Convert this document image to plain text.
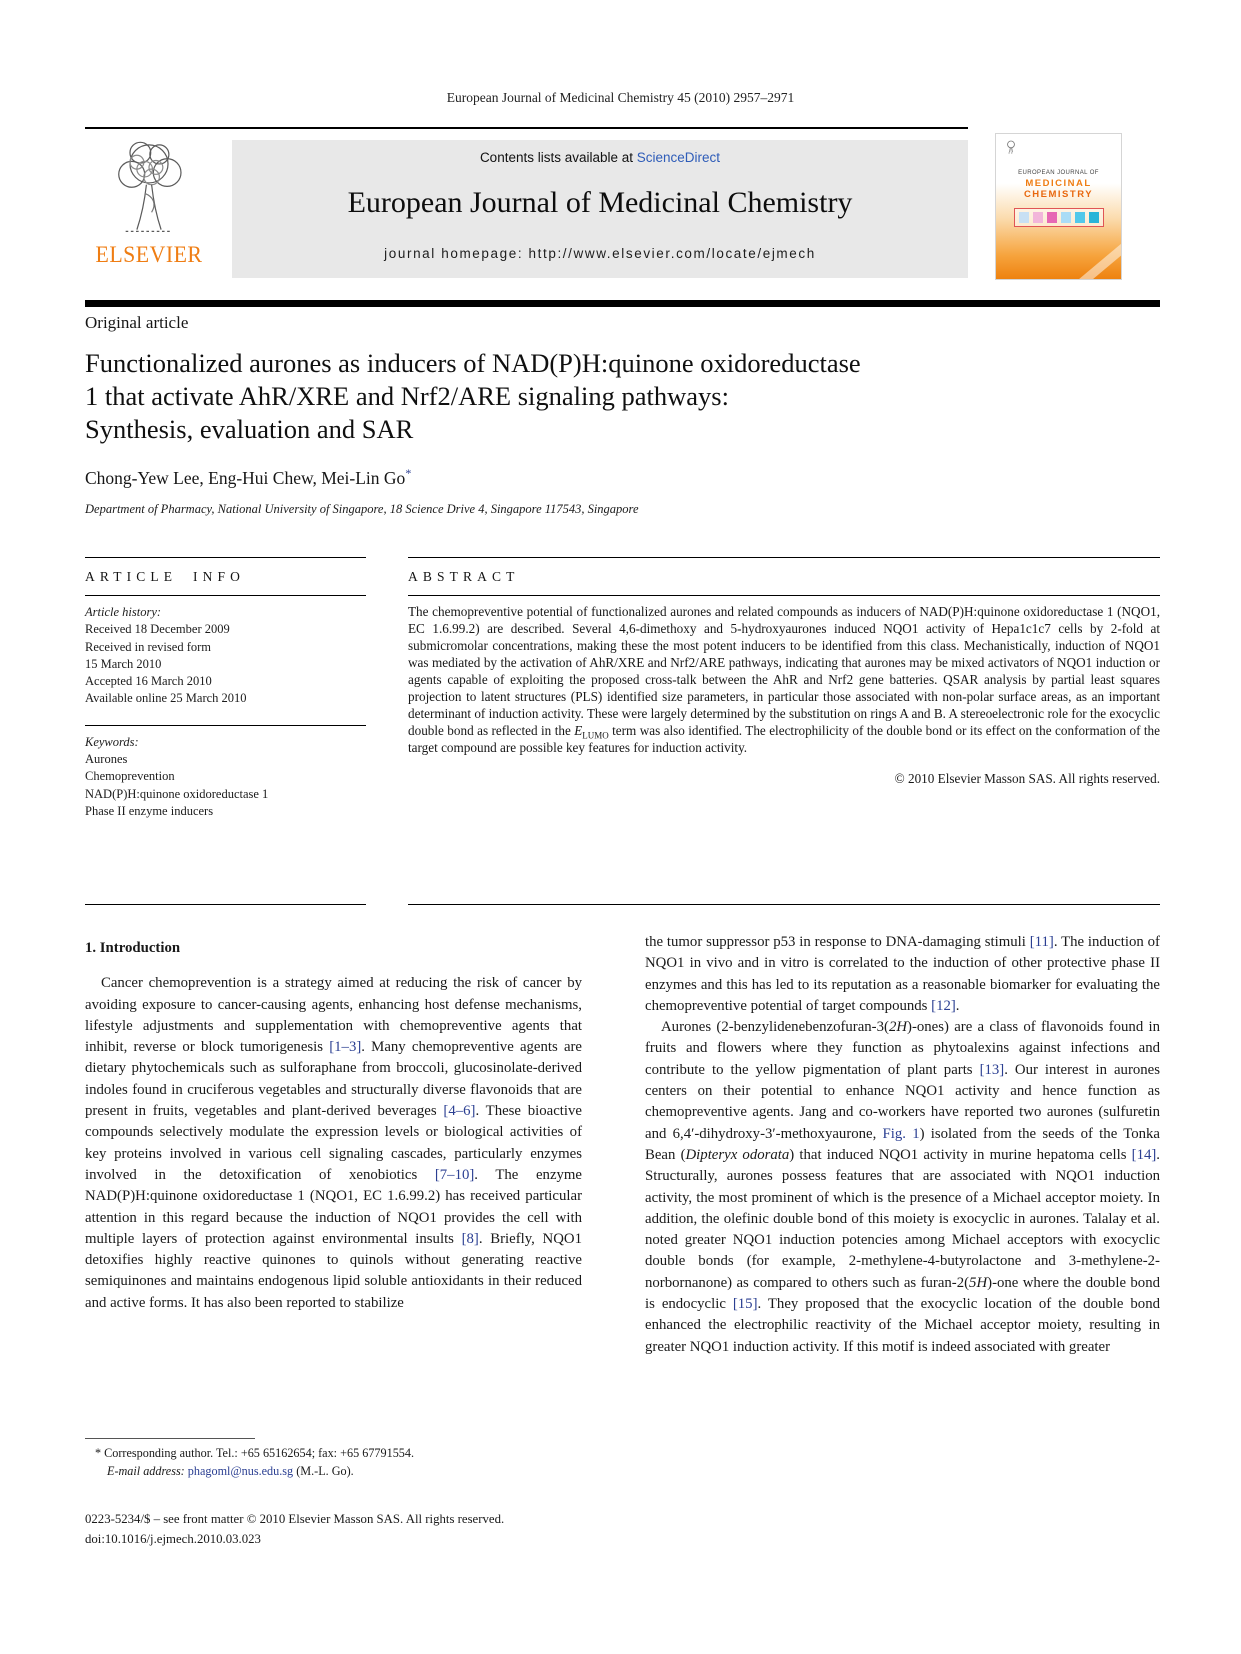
European Journal of Medicinal Chemistry 45 (2010) 2957–2971
ELSEVIER
Contents lists available at ScienceDirect
European Journal of Medicinal Chemistry
journal homepage: http://www.elsevier.com/locate/ejmech
EUROPEAN JOURNAL OF
MEDICINAL
CHEMISTRY
Original article
Functionalized aurones as inducers of NAD(P)H:quinone oxidoreductase
1 that activate AhR/XRE and Nrf2/ARE signaling pathways:
Synthesis, evaluation and SAR
Chong-Yew Lee, Eng-Hui Chew, Mei-Lin Go*
Department of Pharmacy, National University of Singapore, 18 Science Drive 4, Singapore 117543, Singapore
ARTICLE INFO
Article history:
Received 18 December 2009
Received in revised form
15 March 2010
Accepted 16 March 2010
Available online 25 March 2010
Keywords:
Aurones
Chemoprevention
NAD(P)H:quinone oxidoreductase 1
Phase II enzyme inducers
ABSTRACT
The chemopreventive potential of functionalized aurones and related compounds as inducers of NAD(P)H:quinone oxidoreductase 1 (NQO1, EC 1.6.99.2) are described. Several 4,6-dimethoxy and 5-hydroxyaurones induced NQO1 activity of Hepa1c1c7 cells by 2-fold at submicromolar concentrations, making these the most potent inducers to be identified from this class. Mechanistically, induction of NQO1 was mediated by the activation of AhR/XRE and Nrf2/ARE pathways, indicating that aurones may be mixed activators of NQO1 induction or agents capable of exploiting the proposed cross-talk between the AhR and Nrf2 gene batteries. QSAR analysis by partial least squares projection to latent structures (PLS) identified size parameters, in particular those associated with non-polar surface areas, as an important determinant of induction activity. These were largely determined by the substitution on rings A and B. A stereoelectronic role for the exocyclic double bond as reflected in the $E_{LUMO}$ term was also identified. The electrophilicity of the double bond or its effect on the conformation of the target compound are possible key features for induction activity.
© 2010 Elsevier Masson SAS. All rights reserved.
1. Introduction

Cancer chemoprevention is a strategy aimed at reducing the risk of cancer by avoiding exposure to cancer-causing agents, enhancing host defense mechanisms, lifestyle adjustments and supplementation with chemopreventive agents that inhibit, reverse or block tumorigenesis [1–3]. Many chemopreventive agents are dietary phytochemicals such as sulforaphane from broccoli, glucosinolate-derived indoles found in cruciferous vegetables and structurally diverse flavonoids that are present in fruits, vegetables and plant-derived beverages [4–6]. These bioactive compounds selectively modulate the expression levels or biological activities of key proteins involved in various cell signaling cascades, particularly enzymes involved in the detoxification of xenobiotics [7–10]. The enzyme NAD(P)H:quinone oxidoreductase 1 (NQO1, EC 1.6.99.2) has received particular attention in this regard because the induction of NQO1 provides the cell with multiple layers of protection against environmental insults [8]. Briefly, NQO1 detoxifies highly reactive quinones to quinols without generating reactive semiquinones and maintains endogenous lipid soluble antioxidants in their reduced and active forms. It has also been reported to stabilize

the tumor suppressor p53 in response to DNA-damaging stimuli [11]. The induction of NQO1 in vivo and in vitro is correlated to the induction of other protective phase II enzymes and this has led to its reputation as a reasonable biomarker for evaluating the chemopreventive potential of target compounds [12].

Aurones (2-benzylidenebenzofuran-3(2H)-ones) are a class of flavonoids found in fruits and flowers where they function as phytoalexins against infections and contribute to the yellow pigmentation of plant parts [13]. Our interest in aurones centers on their potential to enhance NQO1 activity and hence function as chemopreventive agents. Jang and co-workers have reported two aurones (sulfuretin and 6,4′-dihydroxy-3′-methoxyaurone, Fig. 1) isolated from the seeds of the Tonka Bean (Dipteryx odorata) that induced NQO1 activity in murine hepatoma cells [14]. Structurally, aurones possess features that are associated with NQO1 induction activity, the most prominent of which is the presence of a Michael acceptor moiety. In addition, the olefinic double bond of this moiety is exocyclic in aurones. Talalay et al. noted greater NQO1 induction potencies among Michael acceptors with exocyclic double bonds (for example, 2-methylene-4-butyrolactone and 3-methylene-2-norbornanone) as compared to others such as furan-2(5H)-one where the double bond is endocyclic [15]. They proposed that the exocyclic location of the double bond enhanced the electrophilic reactivity of the Michael acceptor moiety, resulting in greater NQO1 induction activity. If this motif is indeed associated with greater

* Corresponding author. Tel.: +65 65162654; fax: +65 67791554.
E-mail address: phagoml@nus.edu.sg (M.-L. Go).
0223-5234/$ – see front matter © 2010 Elsevier Masson SAS. All rights reserved.
doi:10.1016/j.ejmech.2010.03.023
